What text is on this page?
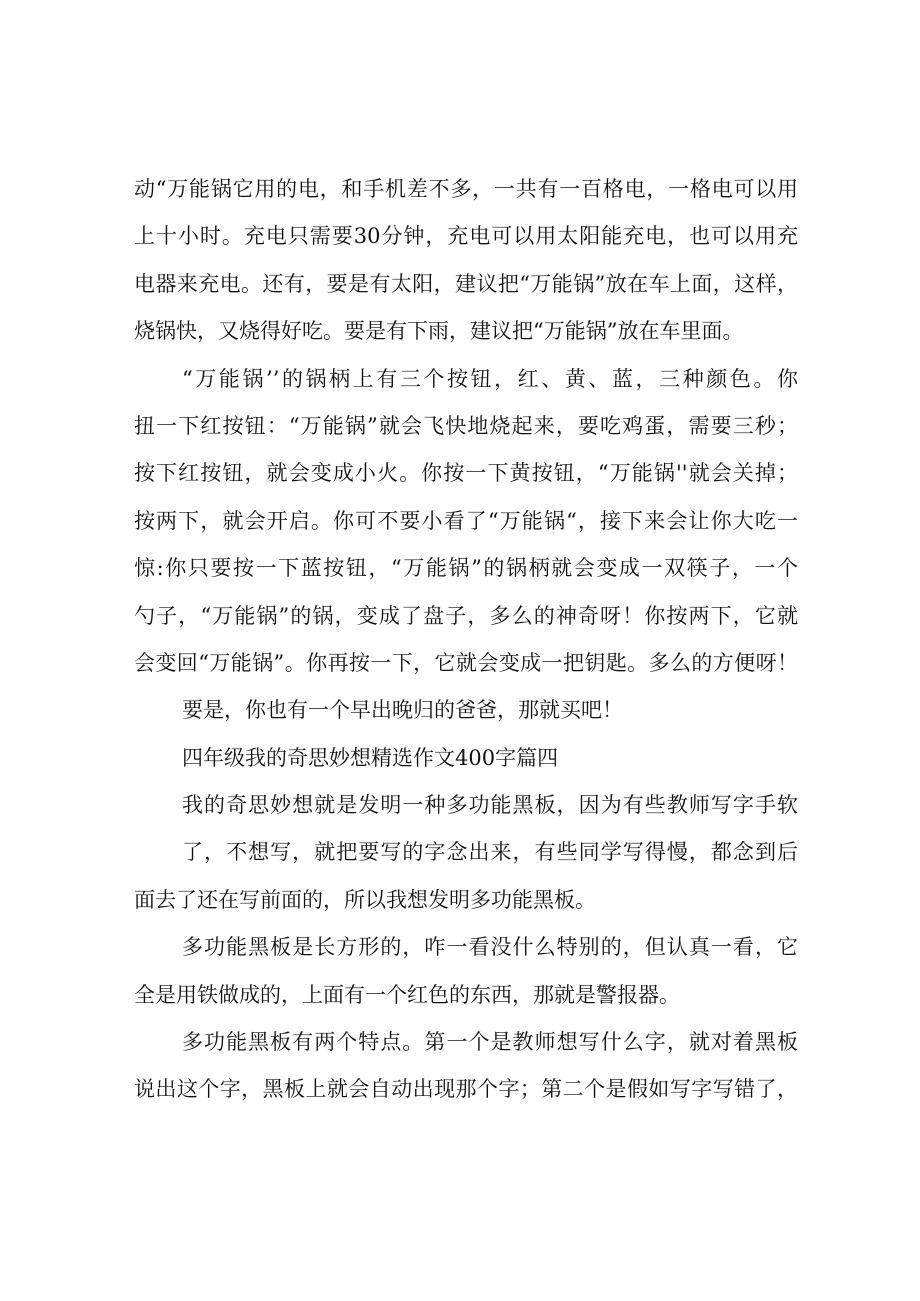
动“万能锅它用的电，和手机差不多，一共有一百格电，一格电可以用
上十小时。充电只需要30分钟，充电可以用太阳能充电，也可以用充
电器来充电。还有，要是有太阳，建议把“万能锅”放在车上面，这样，
烧锅快，又烧得好吃。要是有下雨，建议把“万能锅”放在车里面。
“万能锅’’的锅柄上有三个按钮，红、黄、蓝，三种颜色。你
扭一下红按钮：“万能锅”就会飞快地烧起来，要吃鸡蛋，需要三秒；
按下红按钮，就会变成小火。你按一下黄按钮，“万能锅''就会关掉；
按两下，就会开启。你可不要小看了“万能锅“，接下来会让你大吃一
惊:你只要按一下蓝按钮，“万能锅”的锅柄就会变成一双筷子，一个
勺子，“万能锅”的锅，变成了盘子，多么的神奇呀！你按两下，它就
会变回“万能锅”。你再按一下，它就会变成一把钥匙。多么的方便呀！
要是，你也有一个早出晚归的爸爸，那就买吧！
四年级我的奇思妙想精选作文400字篇四
我的奇思妙想就是发明一种多功能黑板，因为有些教师写字手软
了，不想写，就把要写的字念出来，有些同学写得慢，都念到后
面去了还在写前面的，所以我想发明多功能黑板。
多功能黑板是长方形的，咋一看没什么特别的，但认真一看，它
全是用铁做成的，上面有一个红色的东西，那就是警报器。
多功能黑板有两个特点。第一个是教师想写什么字，就对着黑板
说出这个字，黑板上就会自动出现那个字；第二个是假如写字写错了，
